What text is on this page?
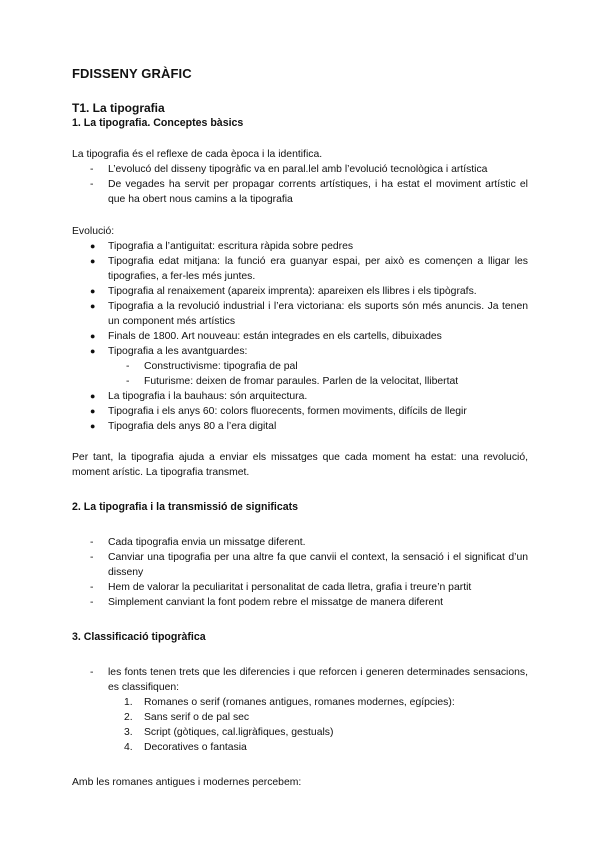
FDISSENY GRÀFIC
T1. La tipografia
1. La tipografia. Conceptes bàsics

La tipografia és el reflexe de cada època i la identifica.

- L’evolucó del disseny tipogràfic va en paral.lel amb l’evolució tecnològica i artística
- De vegades ha servit per propagar corrents artístiques, i ha estat el moviment artístic el que ha obert nous camins a la tipografia

Evolució:

● Tipografia a l’antiguitat: escritura ràpida sobre pedres
● Tipografia edat mitjana: la funció era guanyar espai, per això es començen a lligar les tipografies, a fer-les més juntes.
● Tipografia al renaixement (apareix imprenta): apareixen els llibres i els tipògrafs.
● Tipografia a la revolució industrial i l’era victoriana: els suports són més anuncis. Ja tenen un component més artístics
● Finals de 1800. Art nouveau: están integrades en els cartells, dibuixades
● Tipografia a les avantguardes:
- Constructivisme: tipografia de pal
- Futurisme: deixen de fromar paraules. Parlen de la velocitat, llibertat
● La tipografia i la bauhaus: són arquitectura.
● Tipografia i els anys 60: colors fluorecents, formen moviments, difícils de llegir
● Tipografia dels anys 80 a l’era digital

Per tant, la tipografia ajuda a enviar els missatges que cada moment ha estat: una revolució, moment arístic. La tipografia transmet.

2. La tipografia i la transmissió de significats
- Cada tipografia envia un missatge diferent.
- Canviar una tipografia per una altre fa que canvii el context, la sensació i el significat d’un disseny
- Hem de valorar la peculiaritat i personalitat de cada lletra, grafia i treure’n partit
- Simplement canviant la font podem rebre el missatge de manera diferent
3. Classificació tipogràfica
- les fonts tenen trets que les diferencies i que reforcen i generen determinades sensacions, es classifiquen:
1. Romanes o serif (romanes antigues, romanes modernes, egípcies):
2. Sans serif o de pal sec
3. Script (gòtiques, cal.ligràfiques, gestuals)
4. Decoratives o fantasia

Amb les romanes antigues i modernes percebem:
